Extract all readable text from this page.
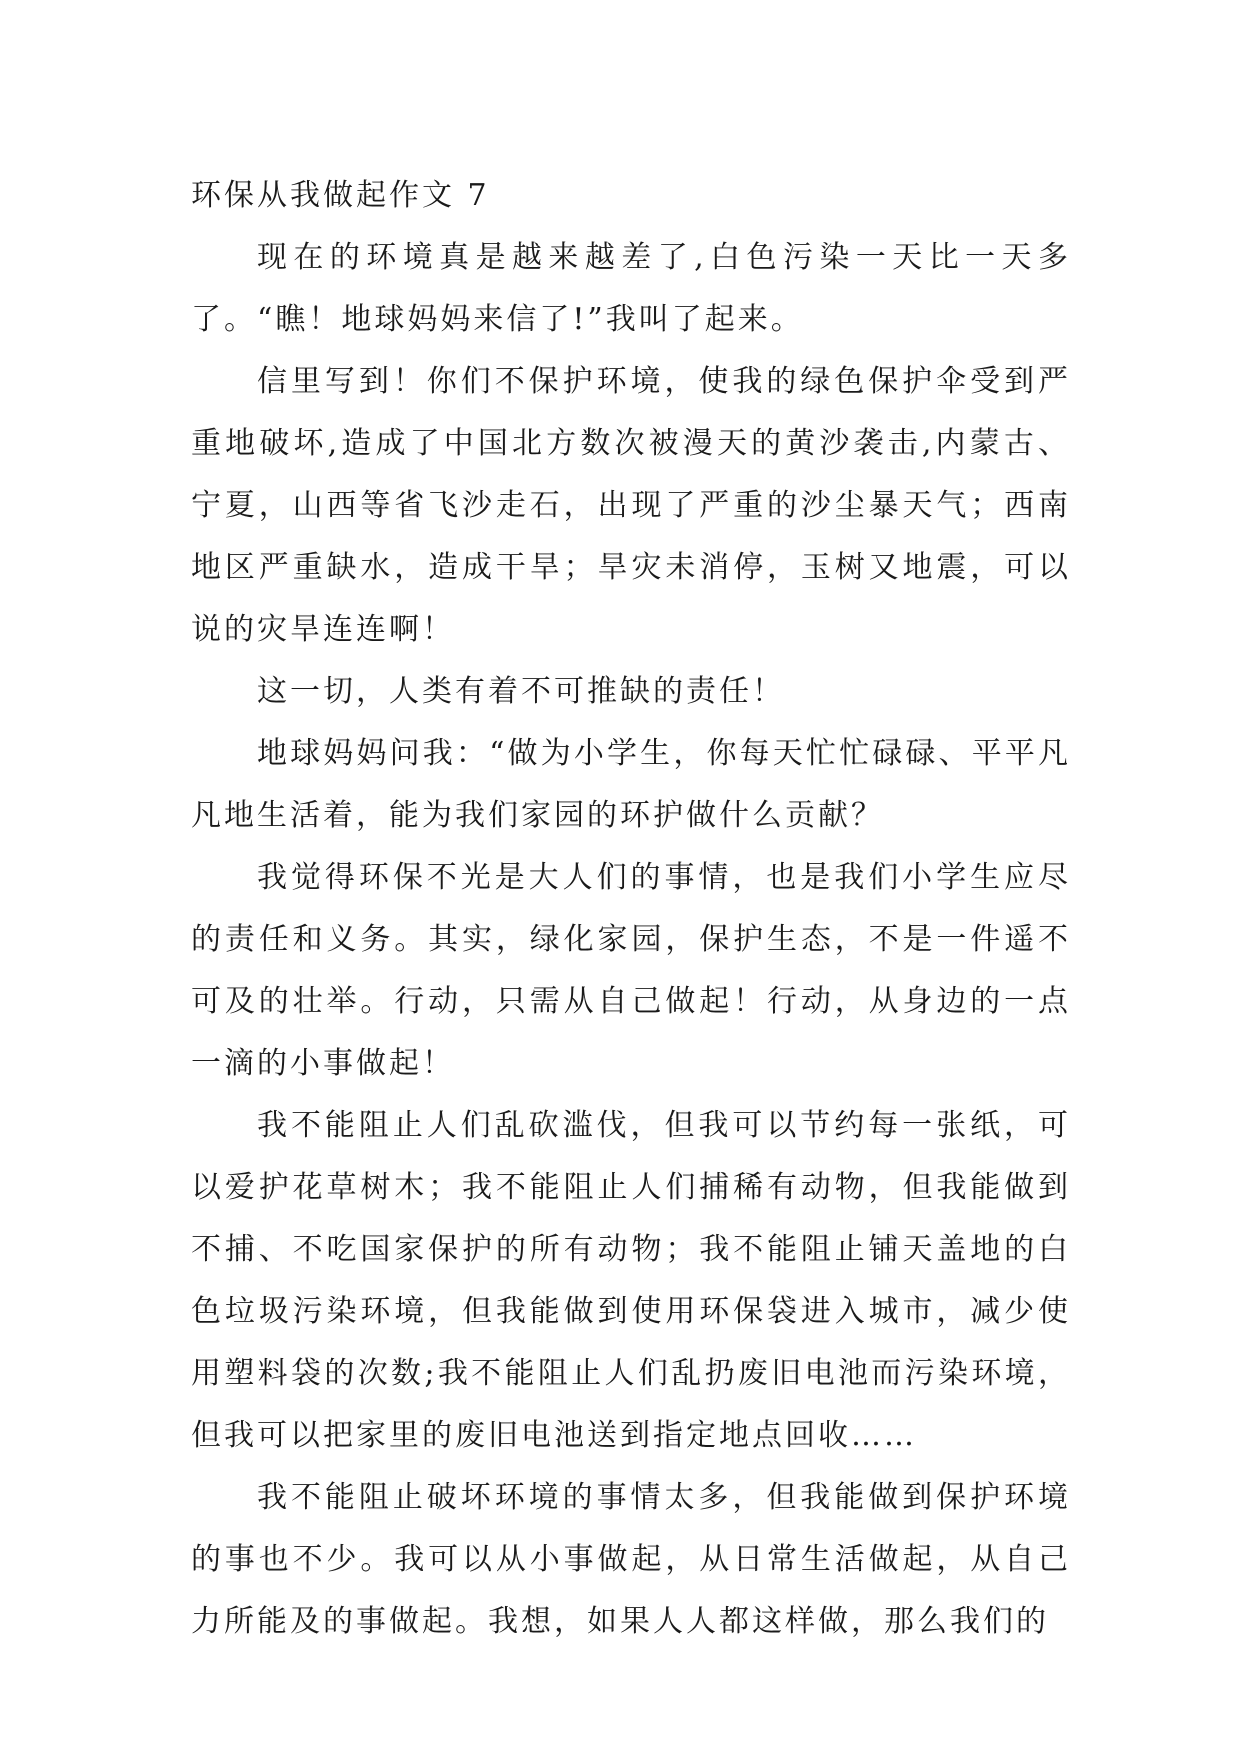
环保从我做起作文 7

现在的环境真是越来越差了,白色污染一天比一天多了。“瞧！地球妈妈来信了!”我叫了起来。

信里写到！你们不保护环境，使我的绿色保护伞受到严重地破坏,造成了中国北方数次被漫天的黄沙袭击,内蒙古、宁夏，山西等省飞沙走石，出现了严重的沙尘暴天气；西南地区严重缺水，造成干旱；旱灾未消停，玉树又地震，可以说的灾旱连连啊！

这一切，人类有着不可推缺的责任！

地球妈妈问我：“做为小学生，你每天忙忙碌碌、平平凡凡地生活着，能为我们家园的环护做什么贡献？

我觉得环保不光是大人们的事情，也是我们小学生应尽的责任和义务。其实，绿化家园，保护生态，不是一件遥不可及的壮举。行动，只需从自己做起！行动，从身边的一点一滴的小事做起！

我不能阻止人们乱砍滥伐，但我可以节约每一张纸，可以爱护花草树木；我不能阻止人们捕稀有动物，但我能做到不捕、不吃国家保护的所有动物；我不能阻止铺天盖地的白色垃圾污染环境，但我能做到使用环保袋进入城市，减少使用塑料袋的次数;我不能阻止人们乱扔废旧电池而污染环境，但我可以把家里的废旧电池送到指定地点回收……

我不能阻止破坏环境的事情太多，但我能做到保护环境的事也不少。我可以从小事做起，从日常生活做起，从自己力所能及的事做起。我想，如果人人都这样做，那么我们的
